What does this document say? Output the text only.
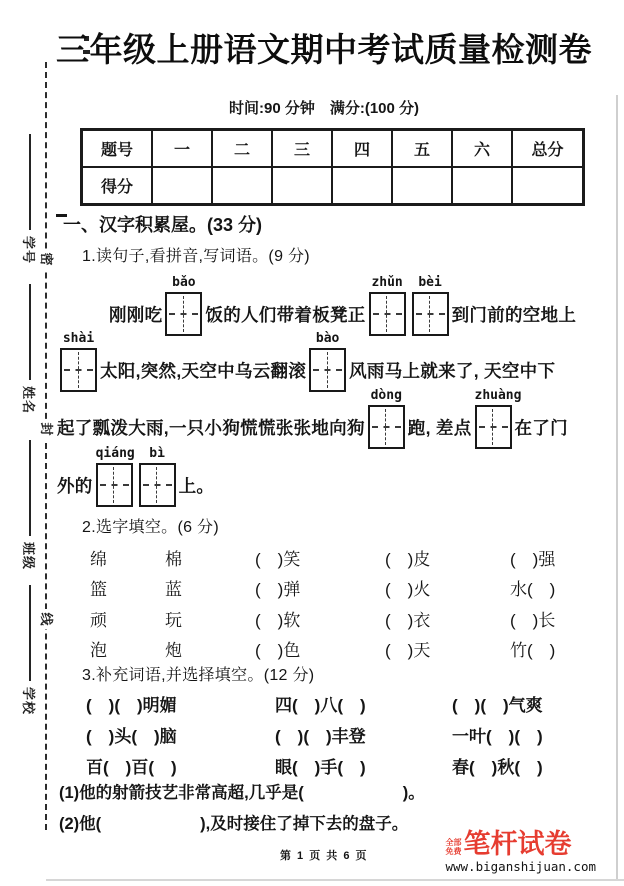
密
封
线
学号
姓名
班级
学校
三年级上册语文期中考试质量检测卷
时间:90 分钟　满分:(100 分)
题号	一	二	三	四	五	六	总分
得分
一、汉字积累屋。(33 分)
1.读句子,看拼音,写词语。(9 分)
刚刚吃
bǎo
饭的人们带着板凳正
zhǔn	bèi
到门前的空地上
shài
太阳,突然,天空中乌云翻滚
bào
风雨马上就来了, 天空中下
起了瓢泼大雨,一只小狗慌慌张张地向狗
dòng
跑, 差点
zhuàng
在了门
外的
qiáng	bì
上。
2.选字填空。(6 分)
绵	棉	(　)笑	(　)皮	(　)强
篮	蓝	(　)弹	(　)火	水(　)
顽	玩	(　)软	(　)衣	(　)长
泡	炮	(　)色	(　)天	竹(　)
3.补充词语,并选择填空。(12 分)
(　)(　)明媚	四(　)八(　)	(　)(　)气爽
(　)头(　)脑	(　)(　)丰登	一叶(　)(　)
百(　)百(　)	眼(　)手(　)	春(　)秋(　)
(1)他的射箭技艺非常高超,几乎是(　　　　　　)。
(2)他(　　　　　　),及时接住了掉下去的盘子。
第 1 页 共 6 页
全部免费 笔杆试卷
www.biganshijuan.com
